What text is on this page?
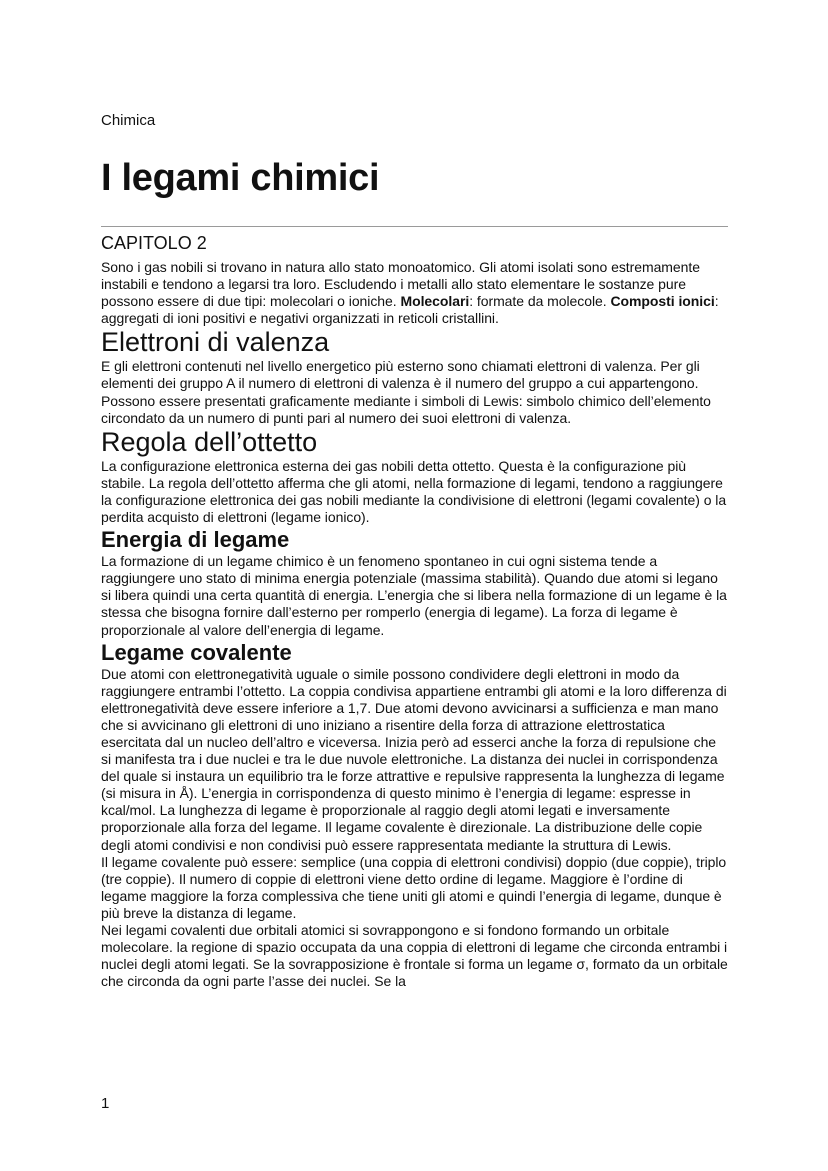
Chimica
I legami chimici
CAPITOLO 2

Sono i gas nobili si trovano in natura allo stato monoatomico. Gli atomi isolati sono estremamente instabili e tendono a legarsi tra loro. Escludendo i metalli allo stato elementare le sostanze pure possono essere di due tipi: molecolari o ioniche. Molecolari: formate da molecole. Composti ionici: aggregati di ioni positivi e negativi organizzati in reticoli cristallini.

Elettroni di valenza

E gli elettroni contenuti nel livello energetico più esterno sono chiamati elettroni di valenza. Per gli elementi dei gruppo A il numero di elettroni di valenza è il numero del gruppo a cui appartengono. Possono essere presentati graficamente mediante i simboli di Lewis: simbolo chimico dell’elemento circondato da un numero di punti pari al numero dei suoi elettroni di valenza.

Regola dell’ottetto

La configurazione elettronica esterna dei gas nobili detta ottetto. Questa è la configurazione più stabile. La regola dell’ottetto afferma che gli atomi, nella formazione di legami, tendono a raggiungere la configurazione elettronica dei gas nobili mediante la condivisione di elettroni (legami covalente) o la perdita acquisto di elettroni (legame ionico).

Energia di legame

La formazione di un legame chimico è un fenomeno spontaneo in cui ogni sistema tende a raggiungere uno stato di minima energia potenziale (massima stabilità). Quando due atomi si legano si libera quindi una certa quantità di energia. L’energia che si libera nella formazione di un legame è la stessa che bisogna fornire dall’esterno per romperlo (energia di legame). La forza di legame è proporzionale al valore dell’energia di legame.

Legame covalente

Due atomi con elettronegatività uguale o simile possono condividere degli elettroni in modo da raggiungere entrambi l’ottetto. La coppia condivisa appartiene entrambi gli atomi e la loro differenza di elettronegatività deve essere inferiore a 1,7. Due atomi devono avvicinarsi a sufficienza e man mano che si avvicinano gli elettroni di uno iniziano a risentire della forza di attrazione elettrostatica esercitata dal un nucleo dell’altro e viceversa. Inizia però ad esserci anche la forza di repulsione che si manifesta tra i due nuclei e tra le due nuvole elettroniche. La distanza dei nuclei in corrispondenza del quale si instaura un equilibrio tra le forze attrattive e repulsive rappresenta la lunghezza di legame (si misura in Å). L’energia in corrispondenza di questo minimo è l’energia di legame: espresse in kcal/mol. La lunghezza di legame è proporzionale al raggio degli atomi legati e inversamente proporzionale alla forza del legame. Il legame covalente è direzionale. La distribuzione delle copie degli atomi condivisi e non condivisi può essere rappresentata mediante la struttura di Lewis.

Il legame covalente può essere: semplice (una coppia di elettroni condivisi) doppio (due coppie), triplo (tre coppie). Il numero di coppie di elettroni viene detto ordine di legame. Maggiore è l’ordine di legame maggiore la forza complessiva che tiene uniti gli atomi e quindi l’energia di legame, dunque è più breve la distanza di legame.

Nei legami covalenti due orbitali atomici si sovrappongono e si fondono formando un orbitale molecolare. la regione di spazio occupata da una coppia di elettroni di legame che circonda entrambi i nuclei degli atomi legati. Se la sovrapposizione è frontale si forma un legame σ, formato da un orbitale che circonda da ogni parte l’asse dei nuclei. Se la

1
